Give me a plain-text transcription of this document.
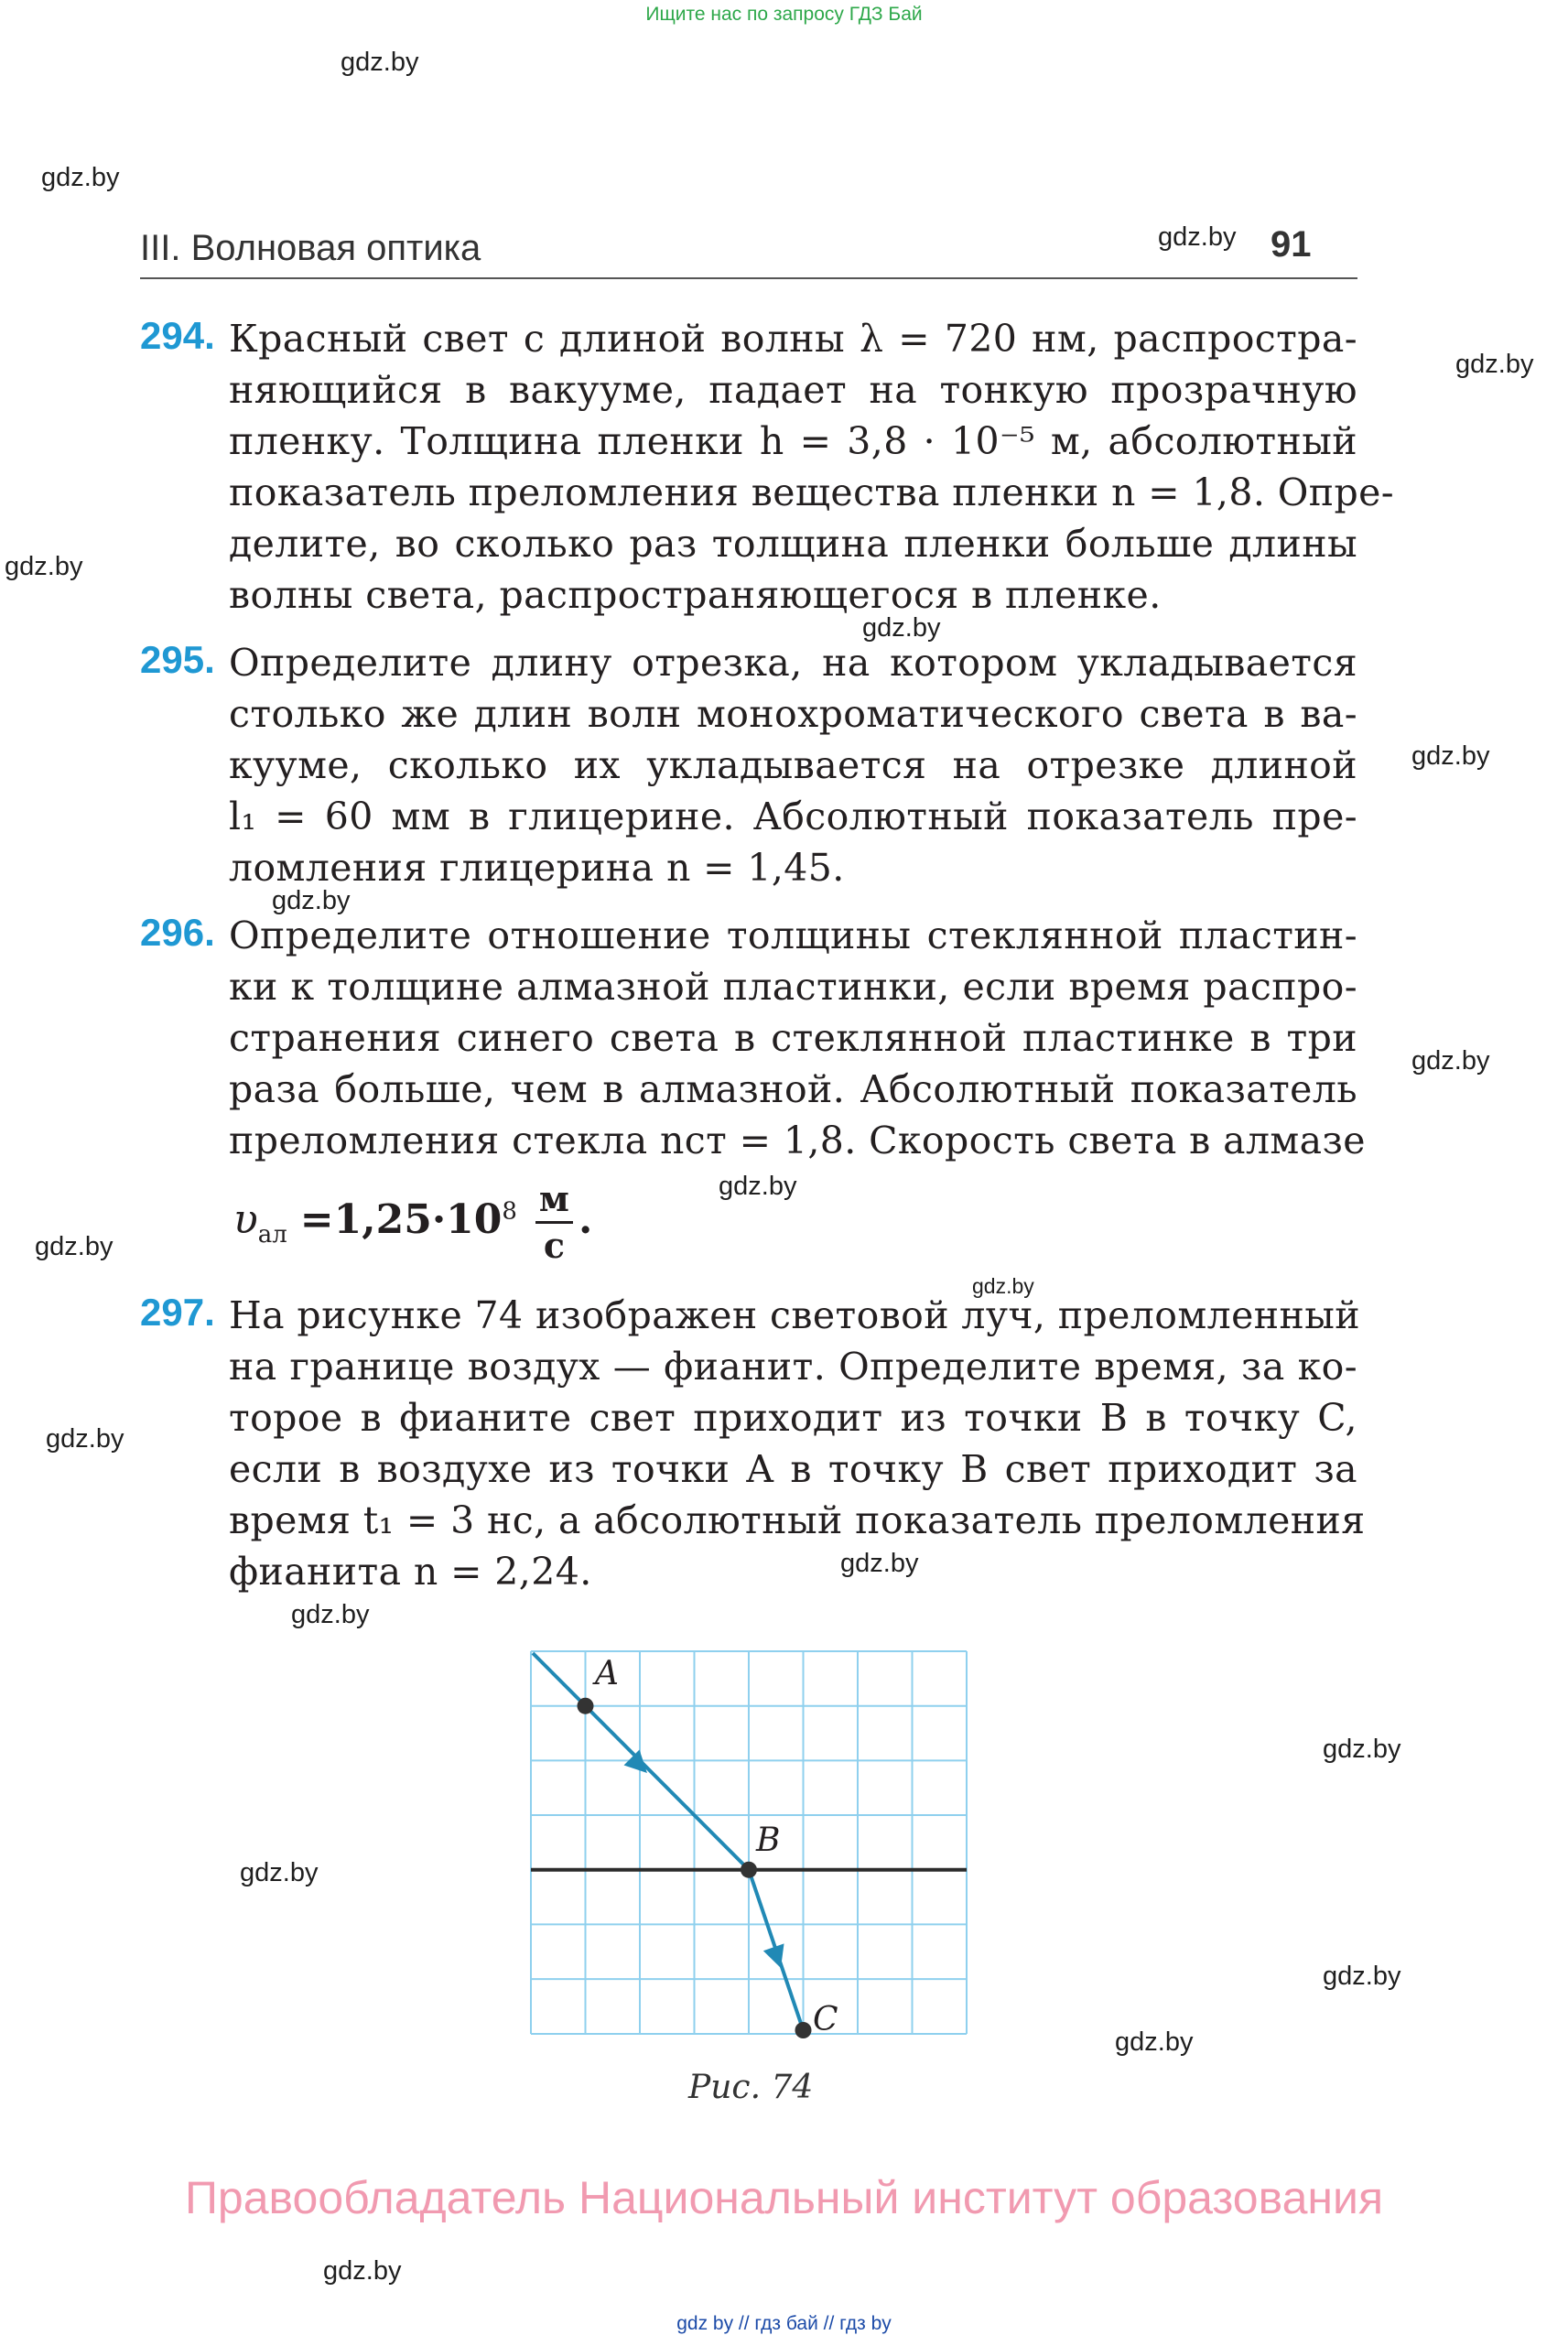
Ищите нас по запросу ГДЗ Бай
gdz.by
gdz.by
gdz.by
gdz.by
gdz.by
gdz.by
gdz.by
gdz.by
gdz.by
gdz.by
gdz.by
gdz.by
gdz.by
gdz.by
gdz.by
gdz.by
gdz.by
gdz.by
gdz.by
gdz.by
III. Волновая оптика	91
294. Красный свет с длиной волны λ = 720 нм, распростра-
няющийся в вакууме, падает на тонкую прозрачную
пленку. Толщина пленки h = 3,8 · 10⁻⁵ м, абсолютный
показатель преломления вещества пленки n = 1,8. Опре-
делите, во сколько раз толщина пленки больше длины
волны света, распространяющегося в пленке.
295. Определите длину отрезка, на котором укладывается
столько же длин волн монохроматического света в ва-
кууме, сколько их укладывается на отрезке длиной
l₁ = 60 мм в глицерине. Абсолютный показатель пре-
ломления глицерина n = 1,45.
296. Определите отношение толщины стеклянной пластин-
ки к толщине алмазной пластинки, если время распро-
странения синего света в стеклянной пластинке в три
раза больше, чем в алмазной. Абсолютный показатель
преломления стекла nст = 1,8. Скорость света в алмазе
$\upsilon_{ал} =1,25\cdot 10^8 \frac{м}{с}$ .
297. На рисунке 74 изображен световой луч, преломленный
на границе воздух — фианит. Определите время, за ко-
торое в фианите свет приходит из точки B в точку C,
если в воздухе из точки A в точку B свет приходит за
время t₁ = 3 нс, а абсолютный показатель преломления
фианита n = 2,24.
A
B
C
Рис. 74
Правообладатель Национальный институт образования
gdz by // гдз бай // гдз by
